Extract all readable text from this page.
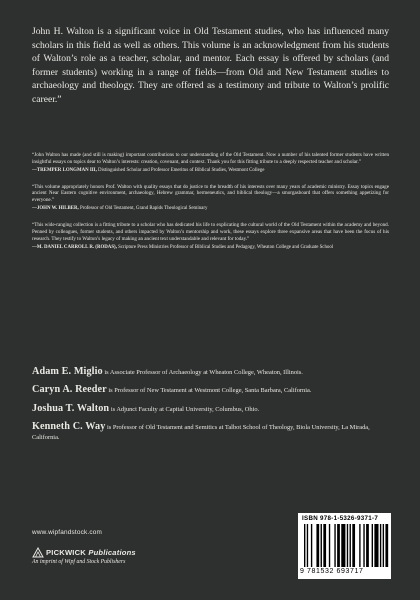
John H. Walton is a significant voice in Old Testament studies, who has influenced many scholars in this field as well as others. This volume is an acknowledgment from his students of Walton’s role as a teacher, scholar, and mentor. Each essay is offered by scholars (and former students) working in a range of fields—from Old and New Testament studies to archaeology and theology. They are offered as a testimony and tribute to Walton’s prolific career.”

“John Walton has made (and still is making) important contributions to our understanding of the Old Testament. Now a number of his talented former students have written insightful essays on topics dear to Walton’s interests: creation, covenant, and context. Thank you for this fitting tribute to a deeply respected teacher and scholar.”

—TREMPER LONGMAN III, Distinguished Scholar and Professor Emeritus of Biblical Studies, Westmont College

“This volume appropriately honors Prof. Walton with quality essays that do justice to the breadth of his interests over many years of academic ministry. Essay topics engage ancient Near Eastern cognitive environment, archaeology, Hebrew grammar, hermeneutics, and biblical theology—a smorgasboard that offers something appetizing for everyone.”

—JOHN W. HILBER, Professor of Old Testament, Grand Rapids Theological Seminary

“This wide-ranging collection is a fitting tribute to a scholar who has dedicated his life to explicating the cultural world of the Old Testament within the academy and beyond. Penned by colleagues, former students, and others impacted by Walton’s mentorship and work, these essays explore three expansive areas that have been the focus of his research. They testify to Walton’s legacy of making an ancient text understandable and relevant for today.”

—M. DANIEL CARROLL R. (RODAS), Scripture Press Ministries Professor of Biblical Studies and Pedagogy, Wheaton College and Graduate School

Adam E. Miglio is Associate Professor of Archaeology at Wheaton College, Wheaton, Illinois.

Caryn A. Reeder is Professor of New Testament at Westmont College, Santa Barbara, California.

Joshua T. Walton is Adjunct Faculty at Capital University, Columbus, Ohio.

Kenneth C. Way is Professor of Old Testament and Semitics at Talbot School of Theology, Biola University, La Mirada, California.

www.wipfandstock.com
PICKWICK
Publications
An imprint of Wipf and Stock Publishers
ISBN 978-1-5326-9371-7
9 781532 693717
